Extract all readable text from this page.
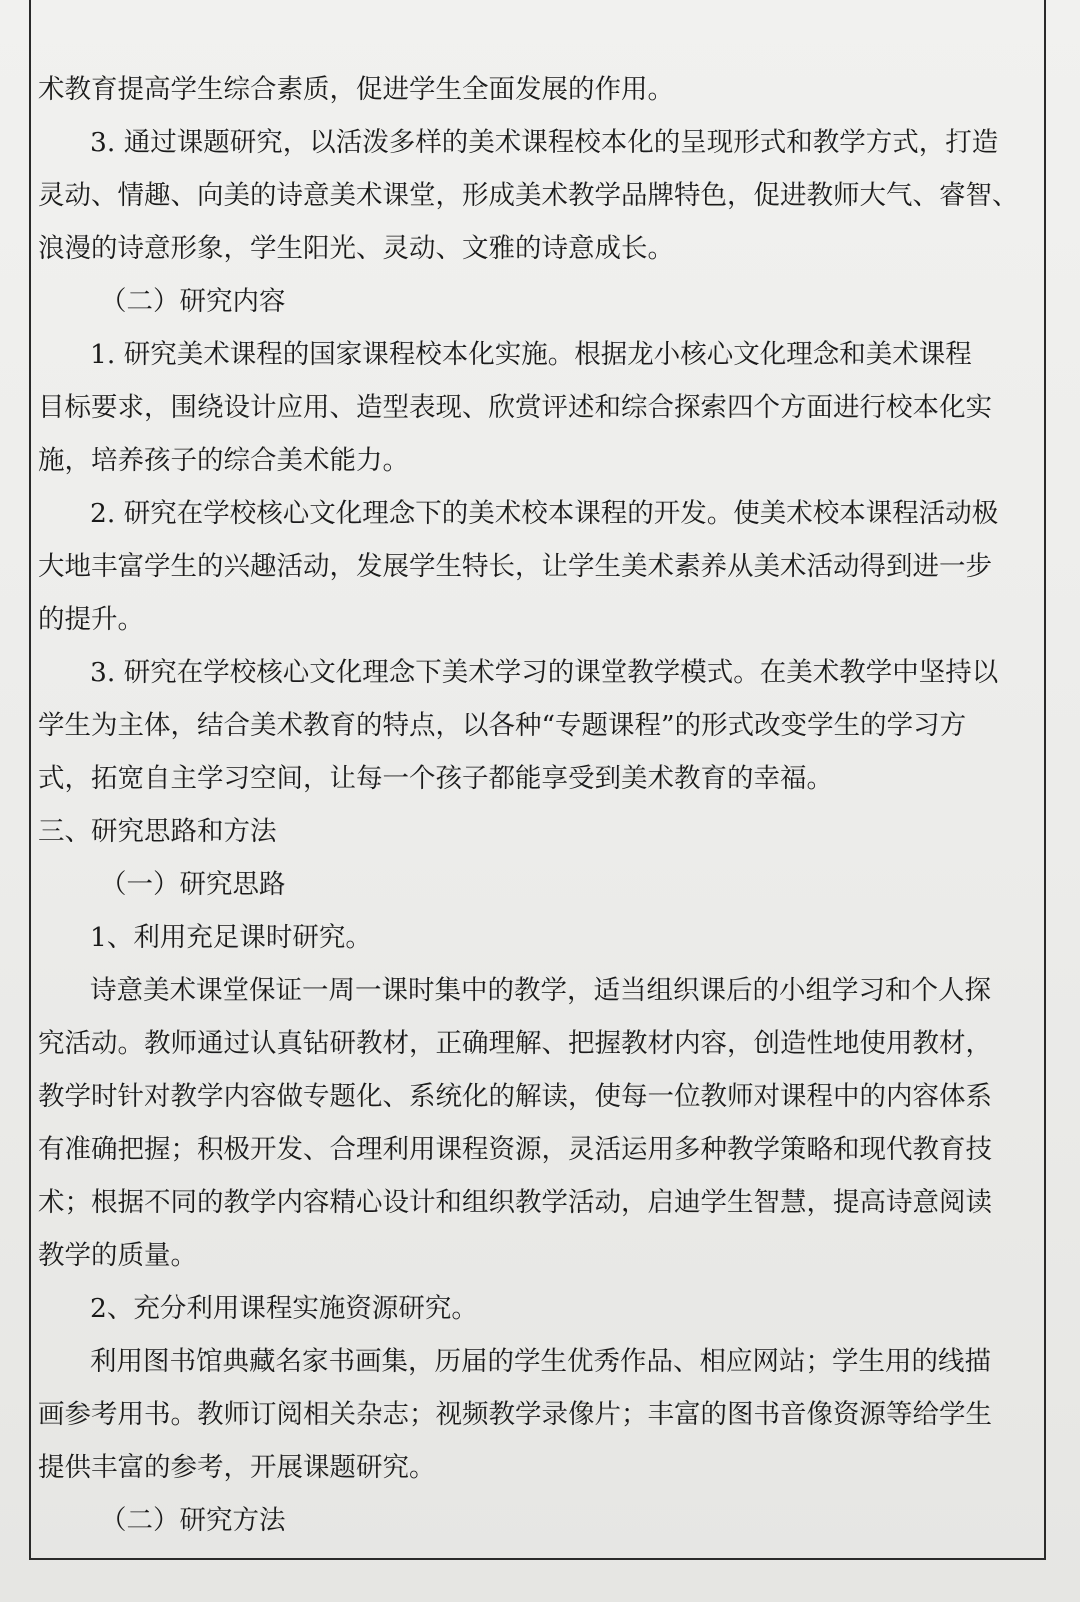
术教育提高学生综合素质，促进学生全面发展的作用。
3. 通过课题研究，以活泼多样的美术课程校本化的呈现形式和教学方式，打造
灵动、情趣、向美的诗意美术课堂，形成美术教学品牌特色，促进教师大气、睿智、
浪漫的诗意形象，学生阳光、灵动、文雅的诗意成长。
（二）研究内容
1. 研究美术课程的国家课程校本化实施。根据龙小核心文化理念和美术课程
目标要求，围绕设计应用、造型表现、欣赏评述和综合探索四个方面进行校本化实
施，培养孩子的综合美术能力。
2. 研究在学校核心文化理念下的美术校本课程的开发。使美术校本课程活动极
大地丰富学生的兴趣活动，发展学生特长，让学生美术素养从美术活动得到进一步
的提升。
3. 研究在学校核心文化理念下美术学习的课堂教学模式。在美术教学中坚持以
学生为主体，结合美术教育的特点，以各种“专题课程”的形式改变学生的学习方
式，拓宽自主学习空间，让每一个孩子都能享受到美术教育的幸福。
三、研究思路和方法
（一）研究思路
1、利用充足课时研究。
诗意美术课堂保证一周一课时集中的教学，适当组织课后的小组学习和个人探
究活动。教师通过认真钻研教材，正确理解、把握教材内容，创造性地使用教材，
教学时针对教学内容做专题化、系统化的解读，使每一位教师对课程中的内容体系
有准确把握；积极开发、合理利用课程资源，灵活运用多种教学策略和现代教育技
术；根据不同的教学内容精心设计和组织教学活动，启迪学生智慧，提高诗意阅读
教学的质量。
2、充分利用课程实施资源研究。
利用图书馆典藏名家书画集，历届的学生优秀作品、相应网站；学生用的线描
画参考用书。教师订阅相关杂志；视频教学录像片；丰富的图书音像资源等给学生
提供丰富的参考，开展课题研究。
（二）研究方法
